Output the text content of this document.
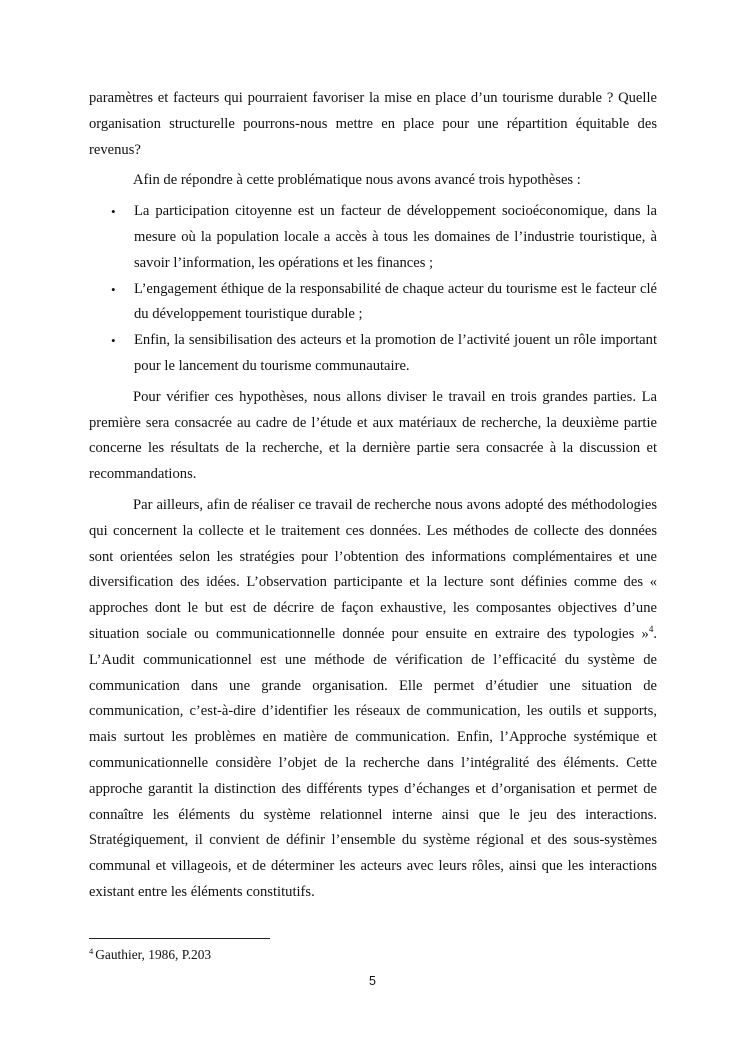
paramètres et facteurs qui pourraient favoriser la mise en place d’un tourisme durable ? Quelle organisation structurelle pourrons-nous mettre en place pour une répartition équitable des revenus?

Afin de répondre à cette problématique nous avons avancé trois hypothèses :

• La participation citoyenne est un facteur de développement socioéconomique, dans la mesure où la population locale a accès à tous les domaines de l’industrie touristique, à savoir l’information, les opérations et les finances ;
• L’engagement éthique de la responsabilité de chaque acteur du tourisme est le facteur clé du développement touristique durable ;
• Enfin, la sensibilisation des acteurs et la promotion de l’activité jouent un rôle important pour le lancement du tourisme communautaire.

Pour vérifier ces hypothèses, nous allons diviser le travail en trois grandes parties. La première sera consacrée au cadre de l’étude et aux matériaux de recherche, la deuxième partie concerne les résultats de la recherche, et la dernière partie sera consacrée à la discussion et recommandations.

Par ailleurs, afin de réaliser ce travail de recherche nous avons adopté des méthodologies qui concernent la collecte et le traitement ces données. Les méthodes de collecte des données sont orientées selon les stratégies pour l’obtention des informations complémentaires et une diversification des idées. L’observation participante et la lecture sont définies comme des « approches dont le but est de décrire de façon exhaustive, les composantes objectives d’une situation sociale ou communicationnelle donnée pour ensuite en extraire des typologies »$^4$. L’Audit communicationnel est une méthode de vérification de l’efficacité du système de communication dans une grande organisation. Elle permet d’étudier une situation de communication, c’est-à-dire d’identifier les réseaux de communication, les outils et supports, mais surtout les problèmes en matière de communication. Enfin, l’Approche systémique et communicationnelle considère l’objet de la recherche dans l’intégralité des éléments. Cette approche garantit la distinction des différents types d’échanges et d’organisation et permet de connaître les éléments du système relationnel interne ainsi que le jeu des interactions. Stratégiquement, il convient de définir l’ensemble du système régional et des sous-systèmes communal et villageois, et de déterminer les acteurs avec leurs rôles, ainsi que les interactions existant entre les éléments constitutifs.

$^4$ Gauthier, 1986, P.203
5
